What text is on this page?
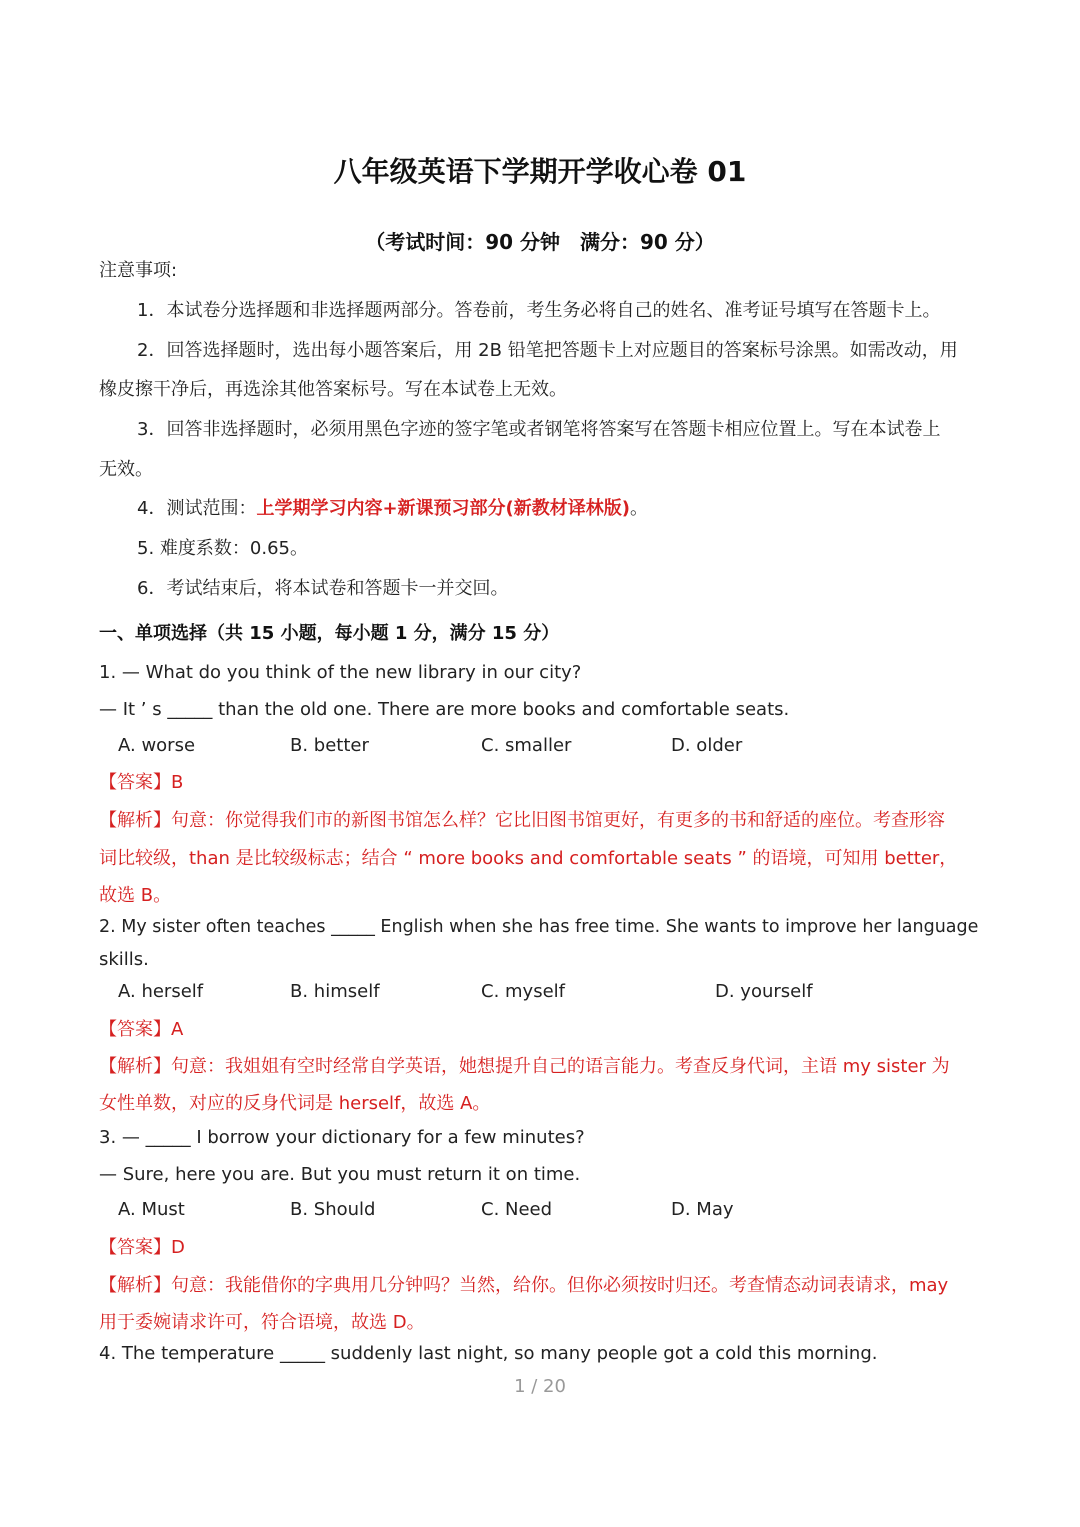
八年级英语下学期开学收心卷 01
（考试时间：90 分钟　满分：90 分）
注意事项:
1．本试卷分选择题和非选择题两部分。答卷前，考生务必将自己的姓名、准考证号填写在答题卡上。
2．回答选择题时，选出每小题答案后，用 2B 铅笔把答题卡上对应题目的答案标号涂黑。如需改动，用
橡皮擦干净后，再选涂其他答案标号。写在本试卷上无效。
3．回答非选择题时，必须用黑色字迹的签字笔或者钢笔将答案写在答题卡相应位置上。写在本试卷上
无效。
4．测试范围：上学期学习内容+新课预习部分(新教材译林版)。
5. 难度系数：0.65。
6．考试结束后，将本试卷和答题卡一并交回。
一、单项选择（共 15 小题，每小题 1 分，满分 15 分）
1. — What do you think of the new library in our city?
— It ’ s _____ than the old one. There are more books and comfortable seats.
A. worse	B. better	C. smaller	D. older
【答案】B
【解析】句意：你觉得我们市的新图书馆怎么样？它比旧图书馆更好，有更多的书和舒适的座位。考查形容
词比较级，than 是比较级标志；结合 “ more books and comfortable seats ” 的语境，可知用 better，
故选 B。
2. My sister often teaches _____ English when she has free time. She wants to improve her language
skills.
A. herself	B. himself	C. myself	D. yourself
【答案】A
【解析】句意：我姐姐有空时经常自学英语，她想提升自己的语言能力。考查反身代词，主语 my sister 为
女性单数，对应的反身代词是 herself，故选 A。
3. — _____ I borrow your dictionary for a few minutes?
— Sure, here you are. But you must return it on time.
A. Must	B. Should	C. Need	D. May
【答案】D
【解析】句意：我能借你的字典用几分钟吗？当然，给你。但你必须按时归还。考查情态动词表请求，may
用于委婉请求许可，符合语境，故选 D。
4. The temperature _____ suddenly last night, so many people got a cold this morning.
1 / 20
